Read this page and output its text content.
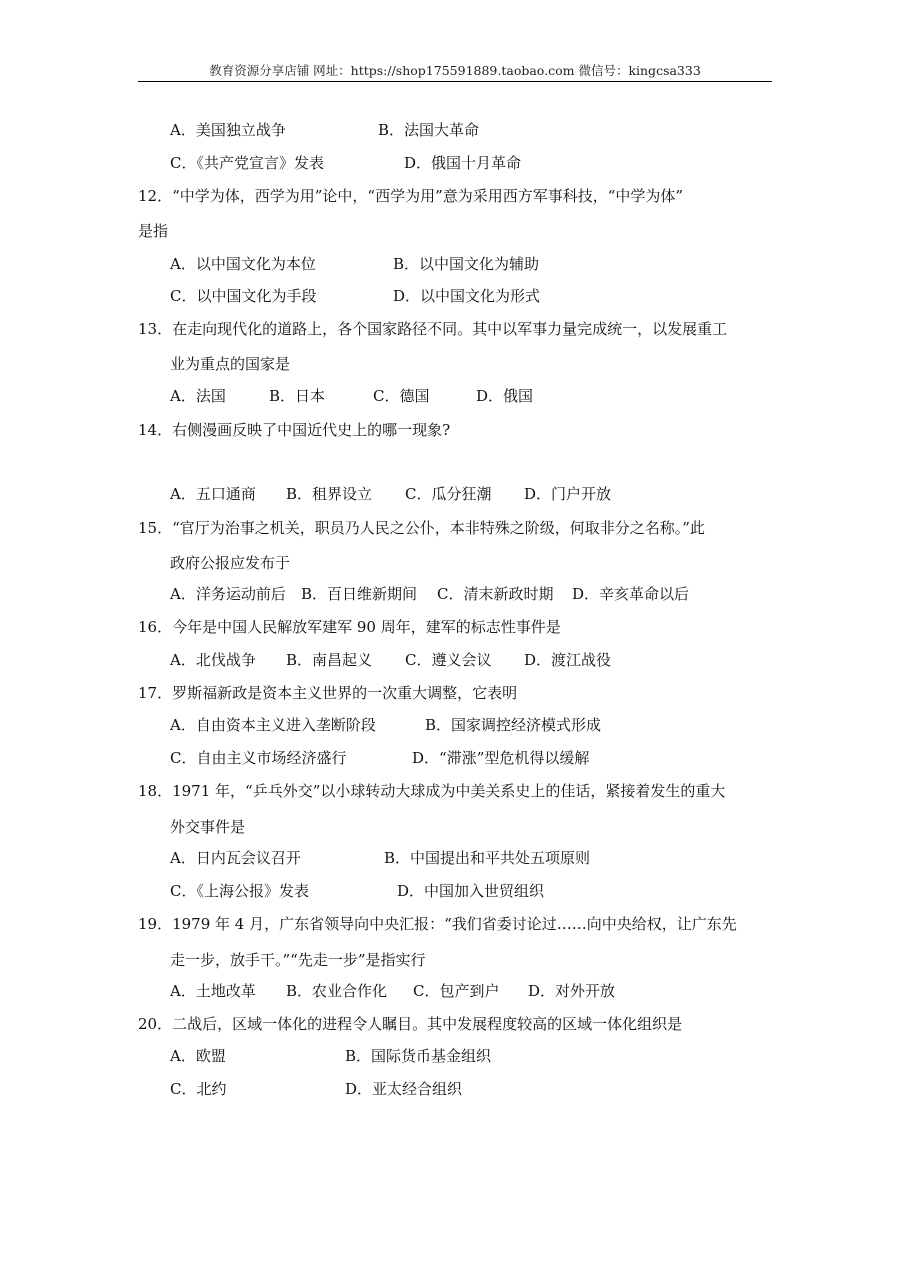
教育资源分享店铺 网址：https://shop175591889.taobao.com 微信号：kingcsa333
A．美国独立战争	B．法国大革命
C．《共产党宣言》发表	D．俄国十月革命
12．“中学为体，西学为用”论中，“西学为用”意为采用西方军事科技，“中学为体”
是指
A．以中国文化为本位	B．以中国文化为辅助
C．以中国文化为手段	D．以中国文化为形式
13．在走向现代化的道路上，各个国家路径不同。其中以军事力量完成统一，以发展重工
业为重点的国家是
A．法国	B．日本	C．德国	D．俄国
14．右侧漫画反映了中国近代史上的哪一现象?
A．五口通商 B．租界设立 C．瓜分狂潮 D．门户开放
15．“官厅为治事之机关，职员乃人民之公仆，本非特殊之阶级，何取非分之名称。”此
政府公报应发布于
A．洋务运动前后 B．百日维新期间 C．清末新政时期 D．辛亥革命以后
16．今年是中国人民解放军建军 90 周年，建军的标志性事件是
A．北伐战争 B．南昌起义 C．遵义会议 D．渡江战役
17．罗斯福新政是资本主义世界的一次重大调整，它表明
A．自由资本主义进入垄断阶段	B．国家调控经济模式形成
C．自由主义市场经济盛行	D．“滞涨”型危机得以缓解
18．1971 年，“乒乓外交”以小球转动大球成为中美关系史上的佳话，紧接着发生的重大
外交事件是
A．日内瓦会议召开	B．中国提出和平共处五项原则
C．《上海公报》发表	D．中国加入世贸组织
19．1979 年 4 月，广东省领导向中央汇报：“我们省委讨论过……向中央给权，让广东先
走一步，放手干。”“先走一步”是指实行
A．土地改革 B．农业合作化 C．包产到户 D．对外开放
20．二战后，区域一体化的进程令人瞩目。其中发展程度较高的区域一体化组织是
A．欧盟	B．国际货币基金组织
C．北约	D．亚太经合组织
